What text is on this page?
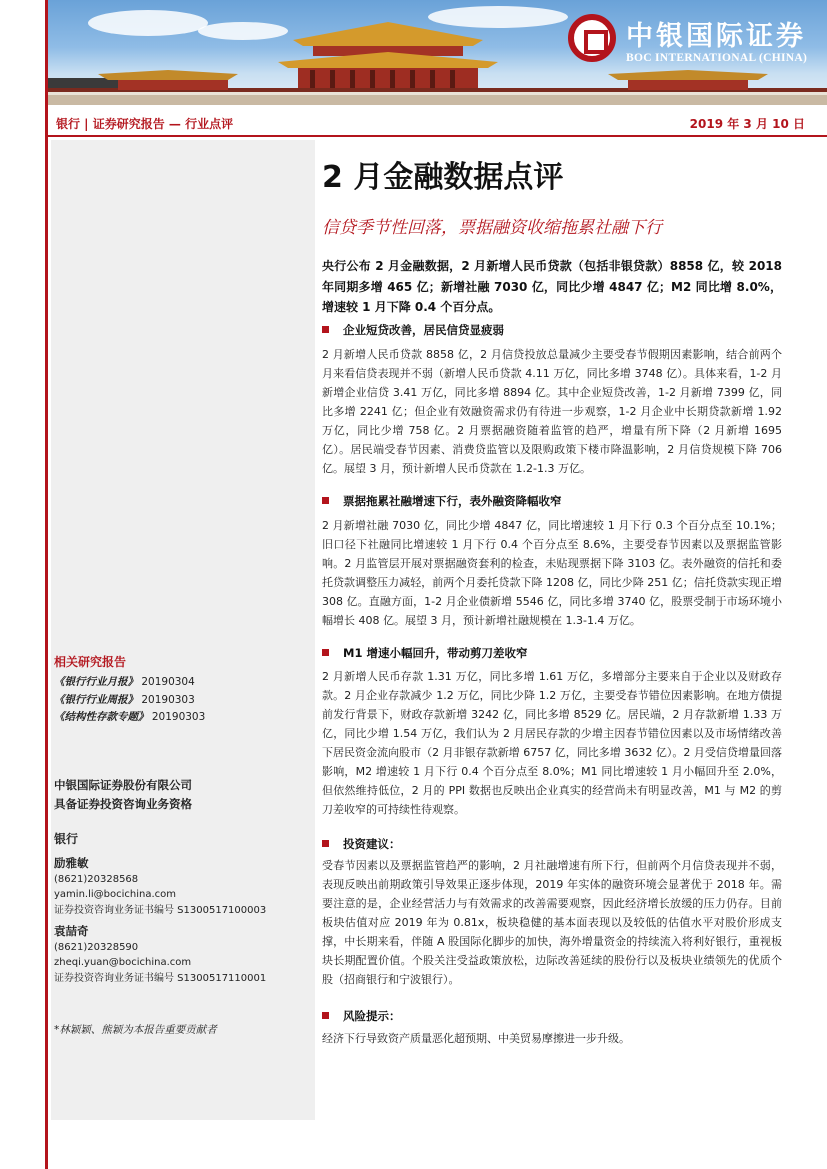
中银国际证券
BOC INTERNATIONAL (CHINA)
银行 | 证券研究报告 — 行业点评	2019 年 3 月 10 日
相关研究报告
《银行行业月报》 20190304
《银行行业周报》 20190303
《结构性存款专题》 20190303
中银国际证券股份有限公司
具备证券投资咨询业务资格
银行
励雅敏
(8621)20328568
yamin.li@bocichina.com
证券投资咨询业务证书编号 S1300517100003
袁喆奇
(8621)20328590
zheqi.yuan@bocichina.com
证券投资咨询业务证书编号 S1300517110001
*林颖颖、熊颖为本报告重要贡献者
2 月金融数据点评
信贷季节性回落，票据融资收缩拖累社融下行
央行公布 2 月金融数据，2 月新增人民币贷款（包括非银贷款）8858 亿，较 2018 年同期多增 465 亿；新增社融 7030 亿，同比少增 4847 亿；M2 同比增 8.0%，增速较 1 月下降 0.4 个百分点。
企业短贷改善，居民信贷显疲弱
2 月新增人民币贷款 8858 亿，2 月信贷投放总量减少主要受春节假期因素影响，结合前两个月来看信贷表现并不弱（新增人民币贷款 4.11 万亿，同比多增 3748 亿）。具体来看，1-2 月新增企业信贷 3.41 万亿，同比多增 8894 亿。其中企业短贷改善，1-2 月新增 7399 亿，同比多增 2241 亿；但企业有效融资需求仍有待进一步观察，1-2 月企业中长期贷款新增 1.92 万亿，同比少增 758 亿。2 月票据融资随着监管的趋严，增量有所下降（2 月新增 1695 亿）。居民端受春节因素、消费贷监管以及限购政策下楼市降温影响，2 月信贷规模下降 706 亿。展望 3 月，预计新增人民币贷款在 1.2-1.3 万亿。
票据拖累社融增速下行，表外融资降幅收窄
2 月新增社融 7030 亿，同比少增 4847 亿，同比增速较 1 月下行 0.3 个百分点至 10.1%；旧口径下社融同比增速较 1 月下行 0.4 个百分点至 8.6%，主要受春节因素以及票据监管影响。2 月监管层开展对票据融资套利的检查，未贴现票据下降 3103 亿。表外融资的信托和委托贷款调整压力减轻，前两个月委托贷款下降 1208 亿，同比少降 251 亿；信托贷款实现正增 308 亿。直融方面，1-2 月企业债新增 5546 亿，同比多增 3740 亿，股票受制于市场环境小幅增长 408 亿。展望 3 月，预计新增社融规模在 1.3-1.4 万亿。
M1 增速小幅回升，带动剪刀差收窄
2 月新增人民币存款 1.31 万亿，同比多增 1.61 万亿，多增部分主要来自于企业以及财政存款。2 月企业存款减少 1.2 万亿，同比少降 1.2 万亿，主要受春节错位因素影响。在地方债提前发行背景下，财政存款新增 3242 亿，同比多增 8529 亿。居民端，2 月存款新增 1.33 万亿，同比少增 1.54 万亿，我们认为 2 月居民存款的少增主因春节错位因素以及市场情绪改善下居民资金流向股市（2 月非银存款新增 6757 亿，同比多增 3632 亿）。2 月受信贷增量回落影响，M2 增速较 1 月下行 0.4 个百分点至 8.0%；M1 同比增速较 1 月小幅回升至 2.0%，但依然维持低位，2 月的 PPI 数据也反映出企业真实的经营尚未有明显改善，M1 与 M2 的剪刀差收窄的可持续性待观察。
投资建议：
受春节因素以及票据监管趋严的影响，2 月社融增速有所下行，但前两个月信贷表现并不弱，表现反映出前期政策引导效果正逐步体现，2019 年实体的融资环境会显著优于 2018 年。需要注意的是，企业经营活力与有效需求的改善需要观察，因此经济增长放缓的压力仍存。目前板块估值对应 2019 年为 0.81x，板块稳健的基本面表现以及较低的估值水平对股价形成支撑，中长期来看，伴随 A 股国际化脚步的加快，海外增量资金的持续流入将利好银行，重视板块长期配置价值。个股关注受益政策放松，边际改善延续的股份行以及板块业绩领先的优质个股（招商银行和宁波银行）。
风险提示：
经济下行导致资产质量恶化超预期、中美贸易摩擦进一步升级。
